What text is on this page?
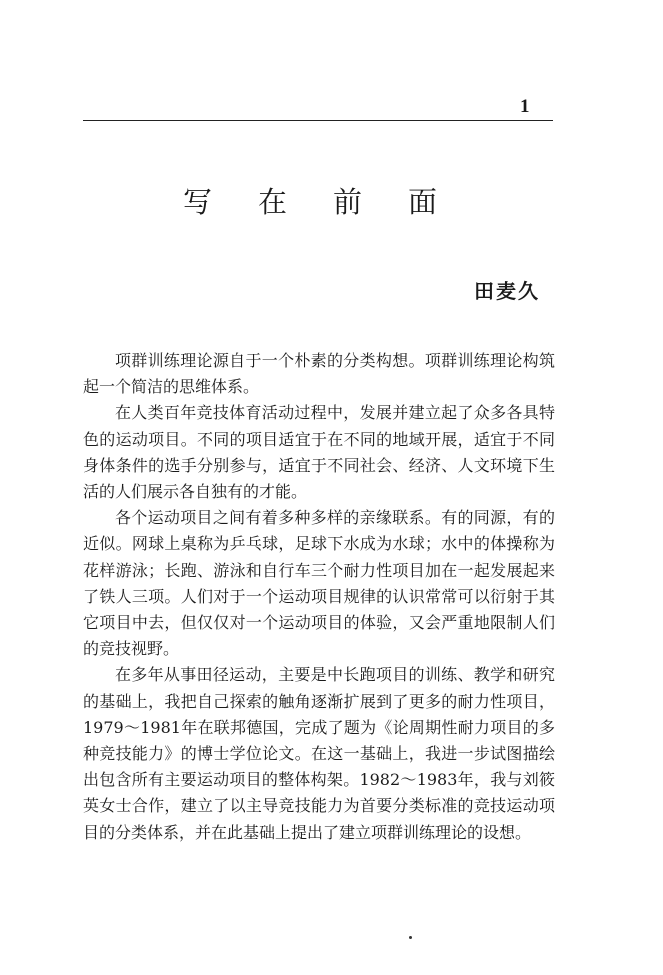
1
写 在 前 面
田麦久

项群训练理论源自于一个朴素的分类构想。项群训练理论构筑起一个简洁的思维体系。

在人类百年竞技体育活动过程中，发展并建立起了众多各具特色的运动项目。不同的项目适宜于在不同的地域开展，适宜于不同身体条件的选手分别参与，适宜于不同社会、经济、人文环境下生活的人们展示各自独有的才能。

各个运动项目之间有着多种多样的亲缘联系。有的同源，有的近似。网球上桌称为乒乓球，足球下水成为水球；水中的体操称为花样游泳；长跑、游泳和自行车三个耐力性项目加在一起发展起来了铁人三项。人们对于一个运动项目规律的认识常常可以衍射于其它项目中去，但仅仅对一个运动项目的体验，又会严重地限制人们的竞技视野。

在多年从事田径运动，主要是中长跑项目的训练、教学和研究的基础上，我把自己探索的触角逐渐扩展到了更多的耐力性项目，1979～1981年在联邦德国，完成了题为《论周期性耐力项目的多种竞技能力》的博士学位论文。在这一基础上，我进一步试图描绘出包含所有主要运动项目的整体构架。1982～1983年，我与刘筱英女士合作，建立了以主导竞技能力为首要分类标准的竞技运动项目的分类体系，并在此基础上提出了建立项群训练理论的设想。
